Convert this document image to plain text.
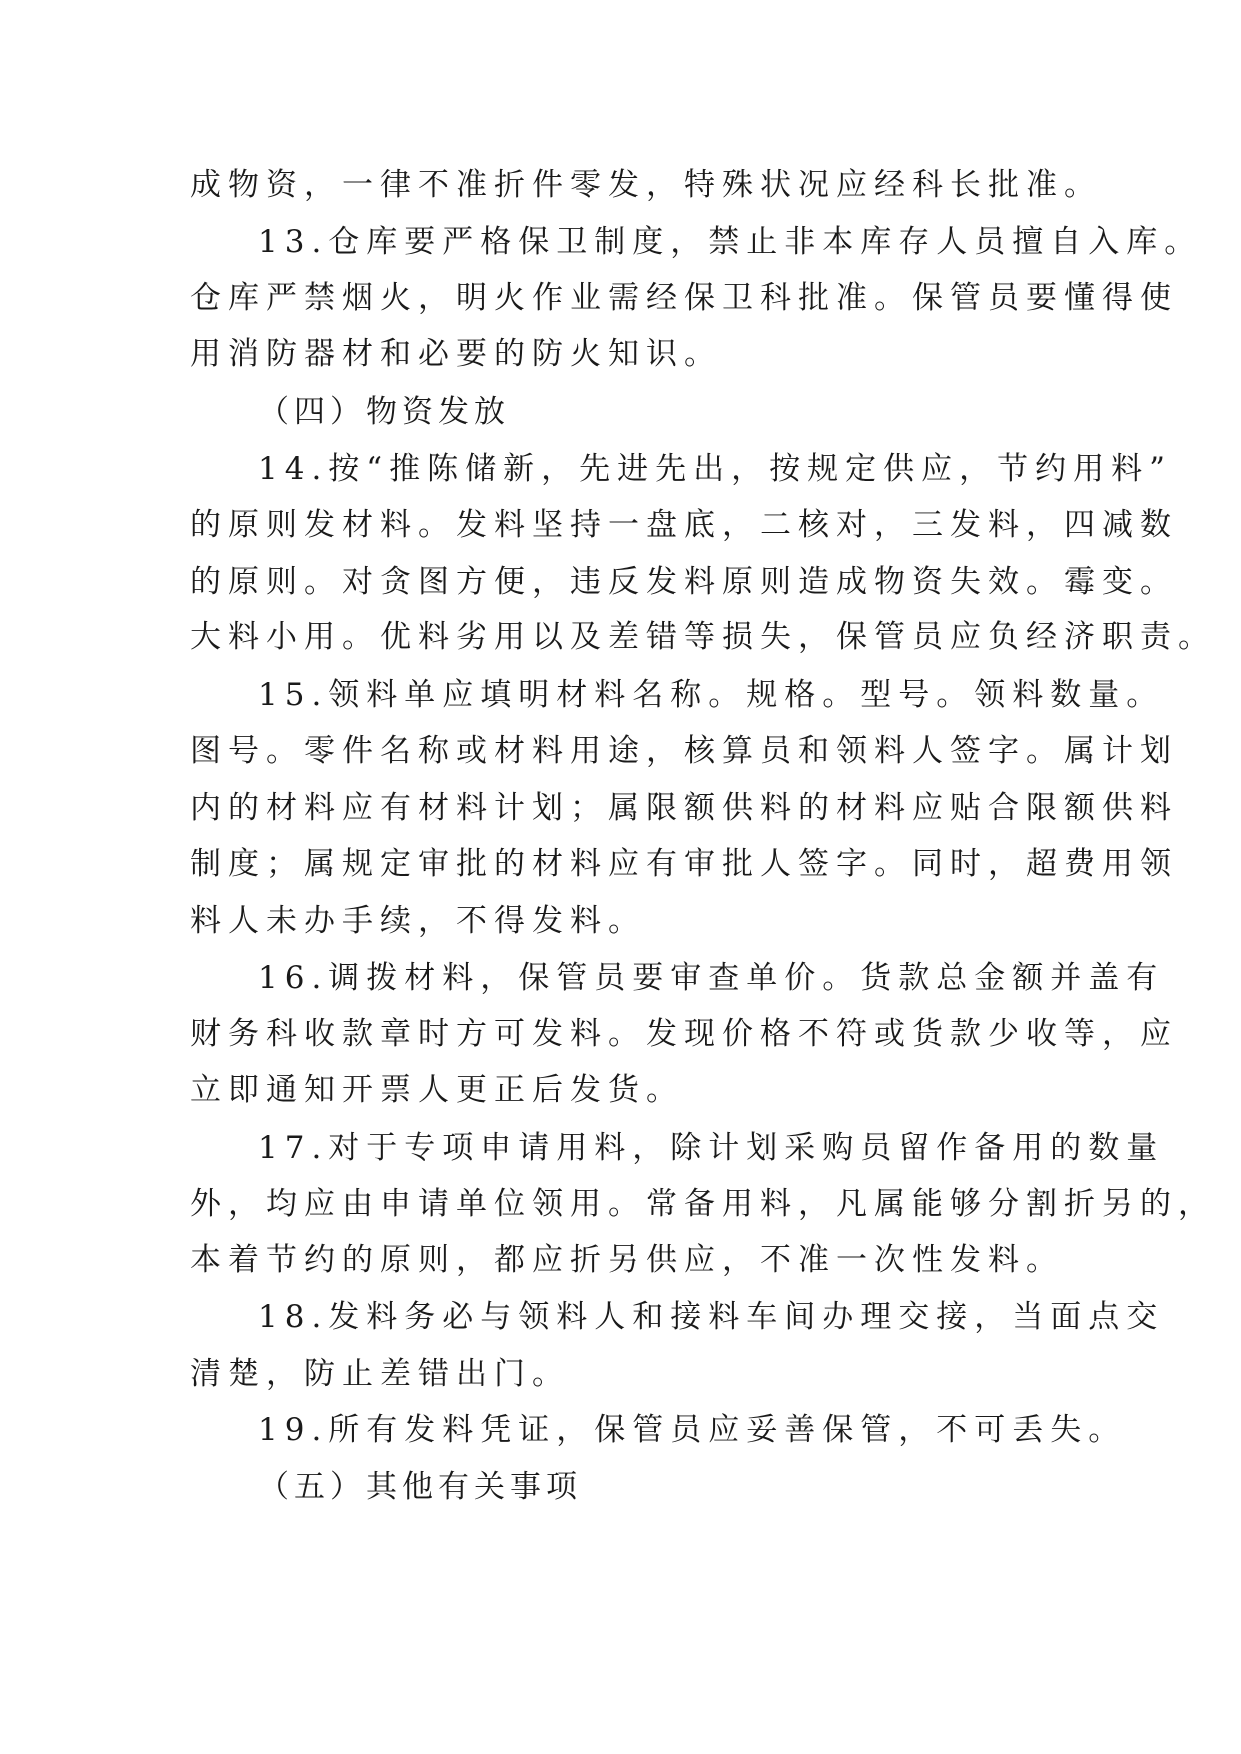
成物资，一律不准折件零发，特殊状况应经科长批准。
13.仓库要严格保卫制度，禁止非本库存人员擅自入库。
仓库严禁烟火，明火作业需经保卫科批准。保管员要懂得使
用消防器材和必要的防火知识。
（四）物资发放
14.按“推陈储新，先进先出，按规定供应，节约用料”
的原则发材料。发料坚持一盘底，二核对，三发料，四减数
的原则。对贪图方便，违反发料原则造成物资失效。霉变。
大料小用。优料劣用以及差错等损失，保管员应负经济职责。
15.领料单应填明材料名称。规格。型号。领料数量。
图号。零件名称或材料用途，核算员和领料人签字。属计划
内的材料应有材料计划；属限额供料的材料应贴合限额供料
制度；属规定审批的材料应有审批人签字。同时，超费用领
料人未办手续，不得发料。
16.调拨材料，保管员要审查单价。货款总金额并盖有
财务科收款章时方可发料。发现价格不符或货款少收等，应
立即通知开票人更正后发货。
17.对于专项申请用料，除计划采购员留作备用的数量
外，均应由申请单位领用。常备用料，凡属能够分割折另的，
本着节约的原则，都应折另供应，不准一次性发料。
18.发料务必与领料人和接料车间办理交接，当面点交
清楚，防止差错出门。
19.所有发料凭证，保管员应妥善保管，不可丢失。
（五）其他有关事项
